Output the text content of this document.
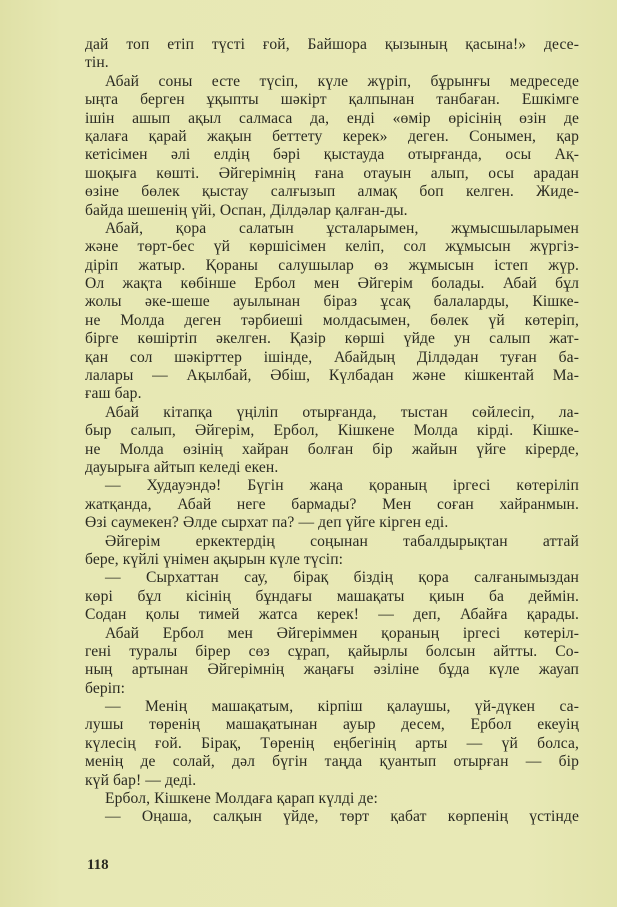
дай топ етіп түсті ғой, Байшора қызының қасына!» десе-
тін.
Абай соны есте түсіп, күле жүріп, бұрынғы медреседе
ыңта берген ұқыпты шәкірт қалпынан танбаған. Ешкімге
ішін ашып ақыл салмаса да, енді «өмір өрісінің өзін де
қалаға қарай жақын беттету керек» деген. Сонымен, қар
кетісімен әлі елдің бәрі қыстауда отырғанда, осы Ақ-
шоқыға көшті. Әйгерімнің ғана отауын алып, осы арадан
өзіне бөлек қыстау салғызып алмақ боп келген. Жиде-
байда шешенің үйі, Оспан, Ділдәлар қалған-ды.
Абай, қора салатын ұсталарымен, жұмысшыларымен
және төрт-бес үй көршісімен келіп, сол жұмысын жүргіз-
діріп жатыр. Қораны салушылар өз жұмысын істеп жүр.
Ол жақта көбінше Ербол мен Әйгерім болады. Абай бұл
жолы әке-шеше ауылынан біраз ұсақ балаларды, Кішке-
не Молда деген тәрбиеші молдасымен, бөлек үй көтеріп,
бірге көшіртіп әкелген. Қазір көрші үйде ун салып жат-
қан сол шәкірттер ішінде, Абайдың Ділдәдан туған ба-
лалары — Ақылбай, Әбіш, Күлбадан және кішкентай Ма-
ғаш бар.
Абай кітапқа үңіліп отырғанда, тыстан сөйлесіп, ла-
быр салып, Әйгерім, Ербол, Кішкене Молда кірді. Кішке-
не Молда өзінің хайран болған бір жайын үйге кірерде,
дауырыға айтып келеді екен.
— Худауэндә! Бүгін жаңа қораның іргесі көтеріліп
жатқанда, Абай неге бармады? Мен соған хайранмын.
Өзі саумекен? Әлде сырхат па? — деп үйге кірген еді.
Әйгерім еркектердің соңынан табалдырықтан аттай
бере, күйлі үнімен ақырын күле түсіп:
— Сырхаттан сау, бірақ біздің қора салғанымыздан
көрі бұл кісінің бұндағы машақаты қиын ба деймін.
Содан қолы тимей жатса керек! — деп, Абайға қарады.
Абай Ербол мен Әйгеріммен қораның іргесі көтеріл-
гені туралы бірер сөз сұрап, қайырлы болсын айтты. Со-
ның артынан Әйгерімнің жаңағы әзіліне бұда күле жауап
беріп:
— Менің машақатым, кірпіш қалаушы, үй-дүкен са-
лушы төренің машақатынан ауыр десем, Ербол екеуің
күлесің ғой. Бірақ, Төренің еңбегінің арты — үй болса,
менің де солай, дәл бүгін таңда қуантып отырған — бір
күй бар! — деді.
Ербол, Кішкене Молдаға қарап күлді де:
— Оңаша, салқын үйде, төрт қабат көрпенің үстінде
118
